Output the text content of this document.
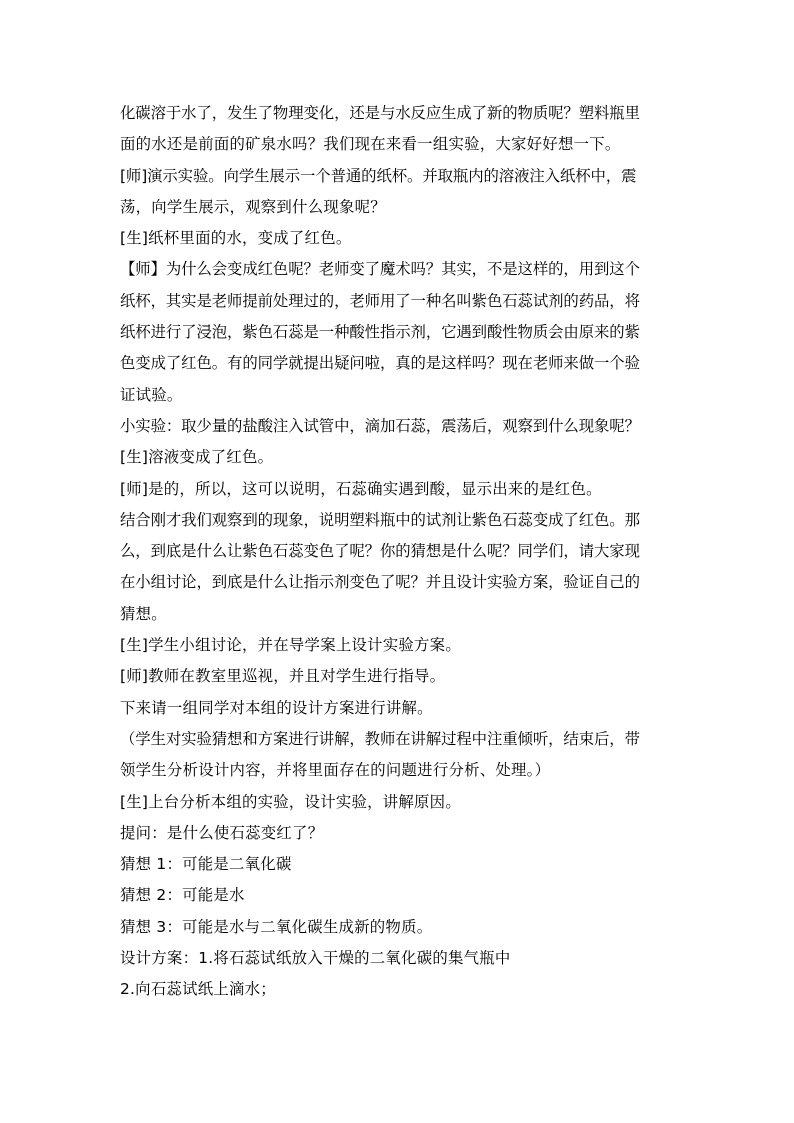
化碳溶于水了，发生了物理变化，还是与水反应生成了新的物质呢？塑料瓶里
面的水还是前面的矿泉水吗？我们现在来看一组实验，大家好好想一下。
[师]演示实验。向学生展示一个普通的纸杯。并取瓶内的溶液注入纸杯中，震
荡，向学生展示，观察到什么现象呢？
[生]纸杯里面的水，变成了红色。
【师】为什么会变成红色呢？老师变了魔术吗？其实，不是这样的，用到这个
纸杯，其实是老师提前处理过的，老师用了一种名叫紫色石蕊试剂的药品，将
纸杯进行了浸泡，紫色石蕊是一种酸性指示剂，它遇到酸性物质会由原来的紫
色变成了红色。有的同学就提出疑问啦，真的是这样吗？现在老师来做一个验
证试验。
小实验：取少量的盐酸注入试管中，滴加石蕊，震荡后，观察到什么现象呢？
[生]溶液变成了红色。
[师]是的，所以，这可以说明，石蕊确实遇到酸，显示出来的是红色。
结合刚才我们观察到的现象，说明塑料瓶中的试剂让紫色石蕊变成了红色。那
么，到底是什么让紫色石蕊变色了呢？你的猜想是什么呢？同学们，请大家现
在小组讨论，到底是什么让指示剂变色了呢？并且设计实验方案，验证自己的
猜想。
[生]学生小组讨论，并在导学案上设计实验方案。
[师]教师在教室里巡视，并且对学生进行指导。
下来请一组同学对本组的设计方案进行讲解。
（学生对实验猜想和方案进行讲解，教师在讲解过程中注重倾听，结束后，带
领学生分析设计内容，并将里面存在的问题进行分析、处理。）
[生]上台分析本组的实验，设计实验，讲解原因。
提问：是什么使石蕊变红了？
猜想 1：可能是二氧化碳
猜想 2：可能是水
猜想 3：可能是水与二氧化碳生成新的物质。
设计方案：1.将石蕊试纸放入干燥的二氧化碳的集气瓶中
2.向石蕊试纸上滴水；
